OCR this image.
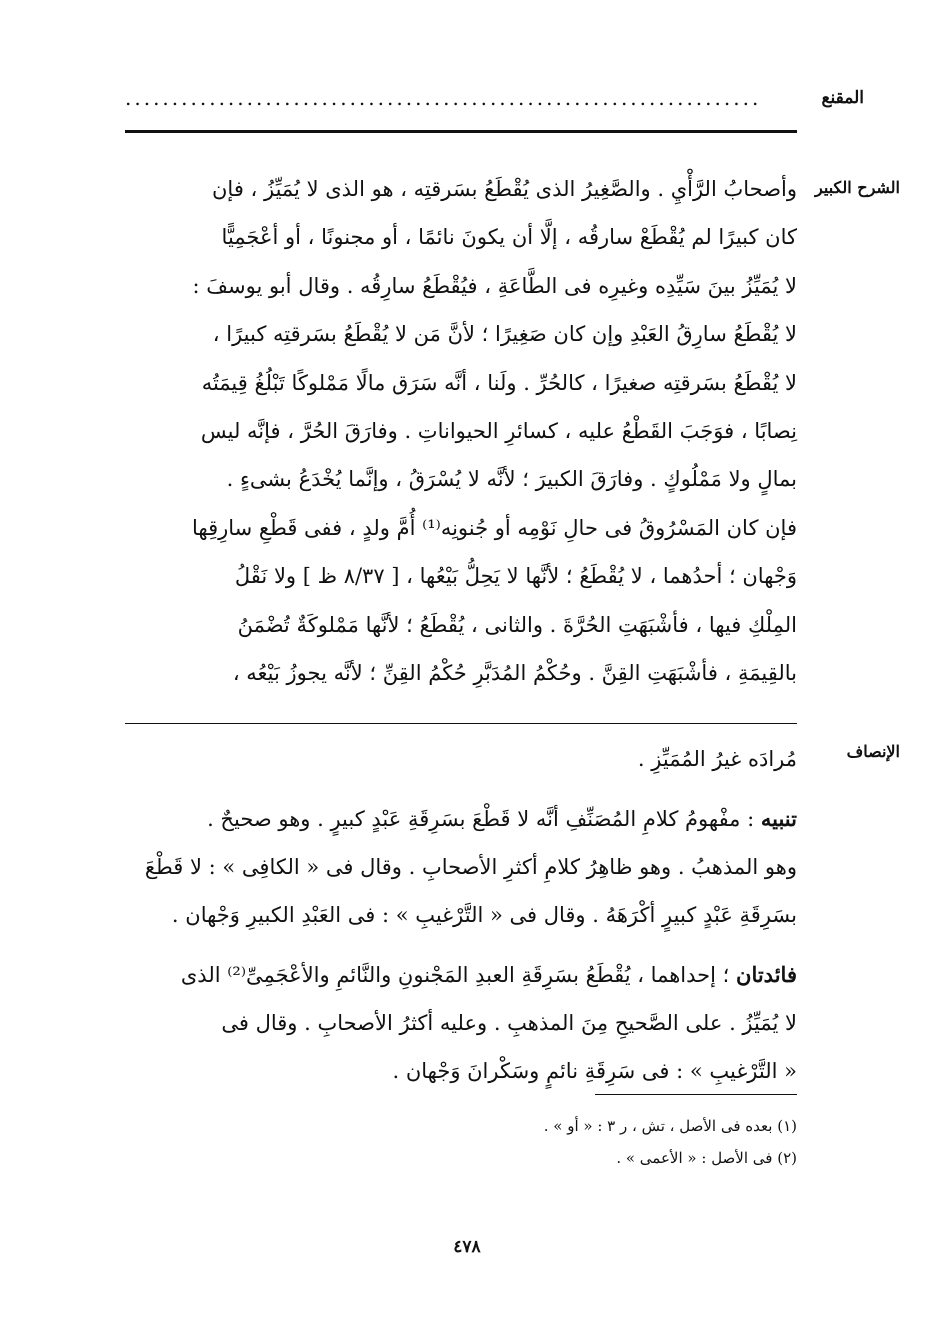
المقنع
....................................................................
الشرح الكبير

وأصحابُ الرَّأْيِ . والصَّغِيرُ الذى يُقْطَعُ بسَرقتِه ، هو الذى لا يُمَيِّزُ ، فإن

كان كبيرًا لم يُقْطَعْ سارقُه ، إلَّا أن يكونَ نائمًا ، أو مجنونًا ، أو أعْجَمِيًّا

لا يُمَيِّزُ بينَ سَيِّدِه وغيرِه فى الطَّاعَةِ ، فيُقْطَعُ سارِقُه . وقال أبو يوسفَ :

لا يُقْطَعُ سارِقُ العَبْدِ وإن كان صَغِيرًا ؛ لأنَّ مَن لا يُقْطَعُ بسَرقتِه كبيرًا ،

لا يُقْطَعُ بسَرقتِه صغيرًا ، كالحُرِّ . ولَنا ، أنَّه سَرَق مالًا مَمْلوكًا تَبْلُغُ قِيمَتُه

نِصابًا ، فوَجَبَ القَطْعُ عليه ، كسائرِ الحيواناتِ . وفارَقَ الحُرَّ ، فإنَّه ليس

بمالٍ ولا مَمْلُوكٍ . وفارَقَ الكبيرَ ؛ لأنَّه لا يُسْرَقُ ، وإنَّما يُخْدَعُ بشىءٍ .

فإن كان المَسْرُوقُ فى حالِ نَوْمِه أو جُنونِه⁽¹⁾ أُمَّ ولدٍ ، ففى قَطْعِ سارِقِها

وَجْهان ؛ أحدُهما ، لا يُقْطَعُ ؛ لأنَّها لا يَحِلُّ بَيْعُها ، [ ٨/٣٧ ظ ] ولا نَقْلُ

المِلْكِ فيها ، فأشْبَهَتِ الحُرَّةَ . والثانى ، يُقْطَعُ ؛ لأنَّها مَمْلوكَةٌ تُضْمَنُ

بالقِيمَةِ ، فأشْبَهَتِ القِنَّ . وحُكْمُ المُدَبَّرِ حُكْمُ القِنِّ ؛ لأنَّه يجوزُ بَيْعُه ،

الإنصاف

مُرادَه غيرُ المُمَيِّزِ .

تنبيه : مفْهومُ كلامِ المُصَنِّفِ أنَّه لا قَطْعَ بسَرِقَةِ عَبْدٍ كبيرٍ . وهو صحيحٌ .

وهو المذهبُ . وهو ظاهِرُ كلامِ أكثرِ الأصحابِ . وقال فى « الكافِى » : لا قَطْعَ

بسَرِقَةِ عَبْدٍ كبيرٍ أكْرَهَهُ . وقال فى « التَّرْغيبِ » : فى العَبْدِ الكبيرِ وَجْهان .

فائدتان ؛ إحداهما ، يُقْطَعُ بسَرِقَةِ العبدِ المَجْنونِ والنَّائمِ والأعْجَمِىِّ⁽²⁾ الذى

لا يُمَيِّزُ . على الصَّحيحِ مِنَ المذهبِ . وعليه أكثرُ الأصحابِ . وقال فى

« التَّرْغيبِ » : فى سَرِقَةِ نائمٍ وسَكْرانَ وَجْهان .

(١) بعده فى الأصل ، تش ، ر ٣ : « أو » .

(٢) فى الأصل : « الأعمى » .

٤٧٨
